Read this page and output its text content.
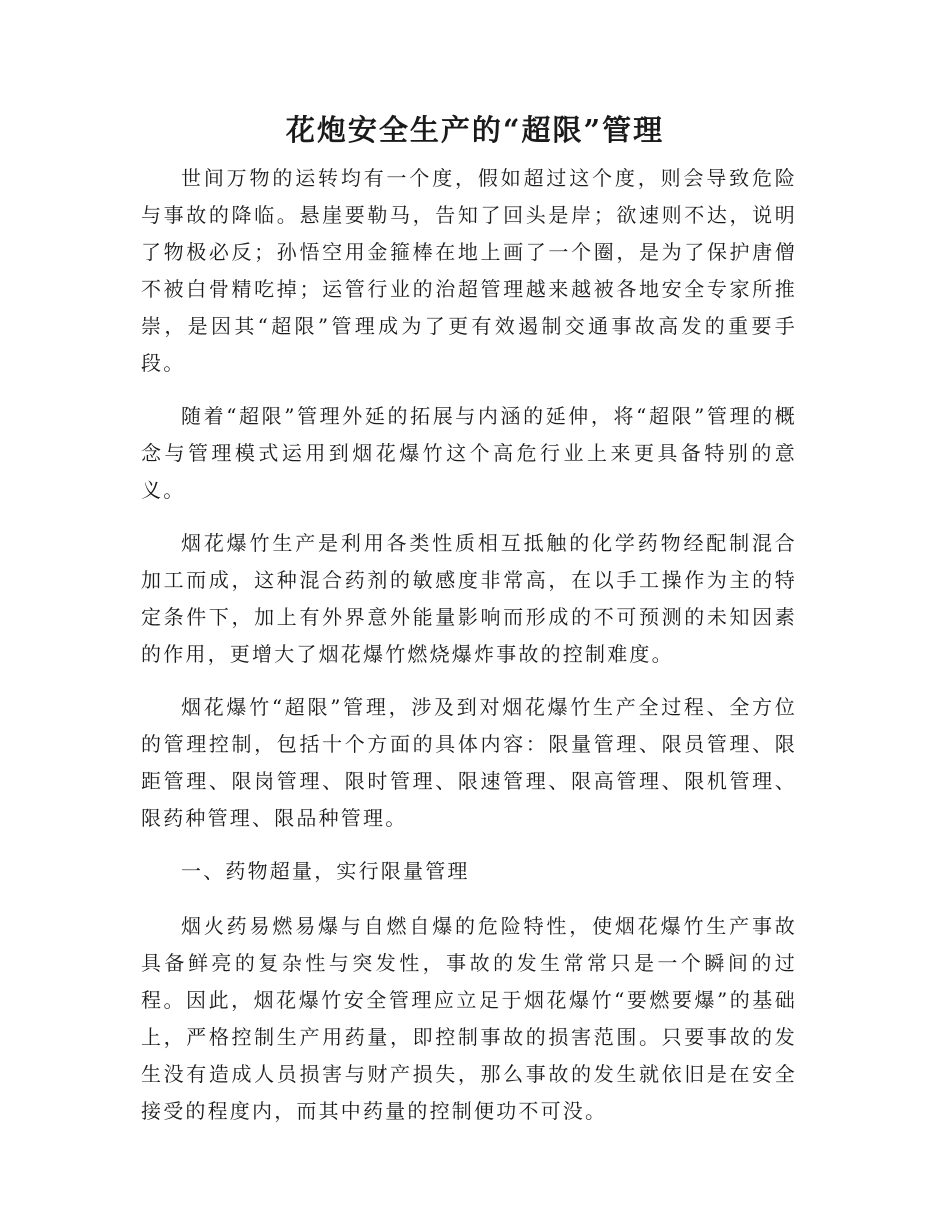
花炮安全生产的“超限”管理

世间万物的运转均有一个度，假如超过这个度，则会导致危险与事故的降临。悬崖要勒马，告知了回头是岸；欲速则不达，说明了物极必反；孙悟空用金箍棒在地上画了一个圈，是为了保护唐僧不被白骨精吃掉；运管行业的治超管理越来越被各地安全专家所推崇，是因其“超限”管理成为了更有效遏制交通事故高发的重要手段。

随着“超限”管理外延的拓展与内涵的延伸，将“超限”管理的概念与管理模式运用到烟花爆竹这个高危行业上来更具备特别的意义。

烟花爆竹生产是利用各类性质相互抵触的化学药物经配制混合加工而成，这种混合药剂的敏感度非常高，在以手工操作为主的特定条件下，加上有外界意外能量影响而形成的不可预测的未知因素的作用，更增大了烟花爆竹燃烧爆炸事故的控制难度。

烟花爆竹“超限”管理，涉及到对烟花爆竹生产全过程、全方位的管理控制，包括十个方面的具体内容：限量管理、限员管理、限距管理、限岗管理、限时管理、限速管理、限高管理、限机管理、限药种管理、限品种管理。

一、药物超量，实行限量管理

烟火药易燃易爆与自燃自爆的危险特性，使烟花爆竹生产事故具备鲜亮的复杂性与突发性，事故的发生常常只是一个瞬间的过程。因此，烟花爆竹安全管理应立足于烟花爆竹“要燃要爆”的基础上，严格控制生产用药量，即控制事故的损害范围。只要事故的发生没有造成人员损害与财产损失，那么事故的发生就依旧是在安全接受的程度内，而其中药量的控制便功不可没。
